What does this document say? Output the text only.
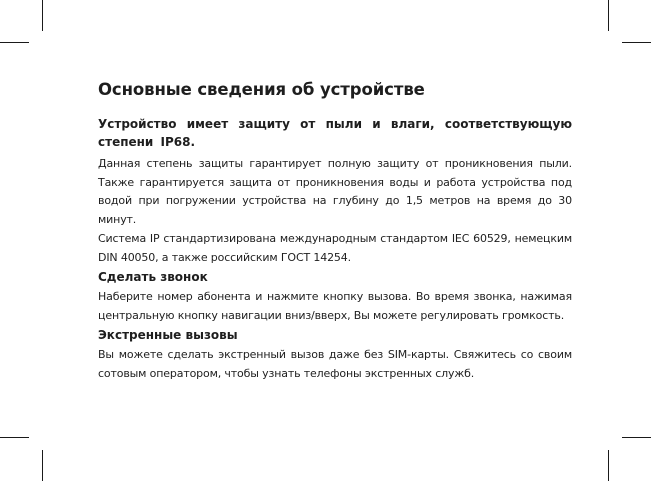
Основные сведения об устройстве

Устройство имеет защиту от пыли и влаги, соответствующую степени IP68.

Данная степень защиты гарантирует полную защиту от проникновения пыли. Также гарантируется защита от проникновения воды и работа устройства под водой при погружении устройства на глубину до 1,5 метров на время до 30 минут.

Система IP стандартизирована международным стандартом IEC 60529, немецким DIN 40050, а также российским ГОСТ 14254.

Сделать звонок

Наберите номер абонента и нажмите кнопку вызова. Во время звонка, нажимая центральную кнопку навигации вниз/вверх, Вы можете регулировать громкость.

Экстренные вызовы

Вы можете сделать экстренный вызов даже без SIM-карты. Свяжитесь со своим сотовым оператором, чтобы узнать телефоны экстренных служб.
